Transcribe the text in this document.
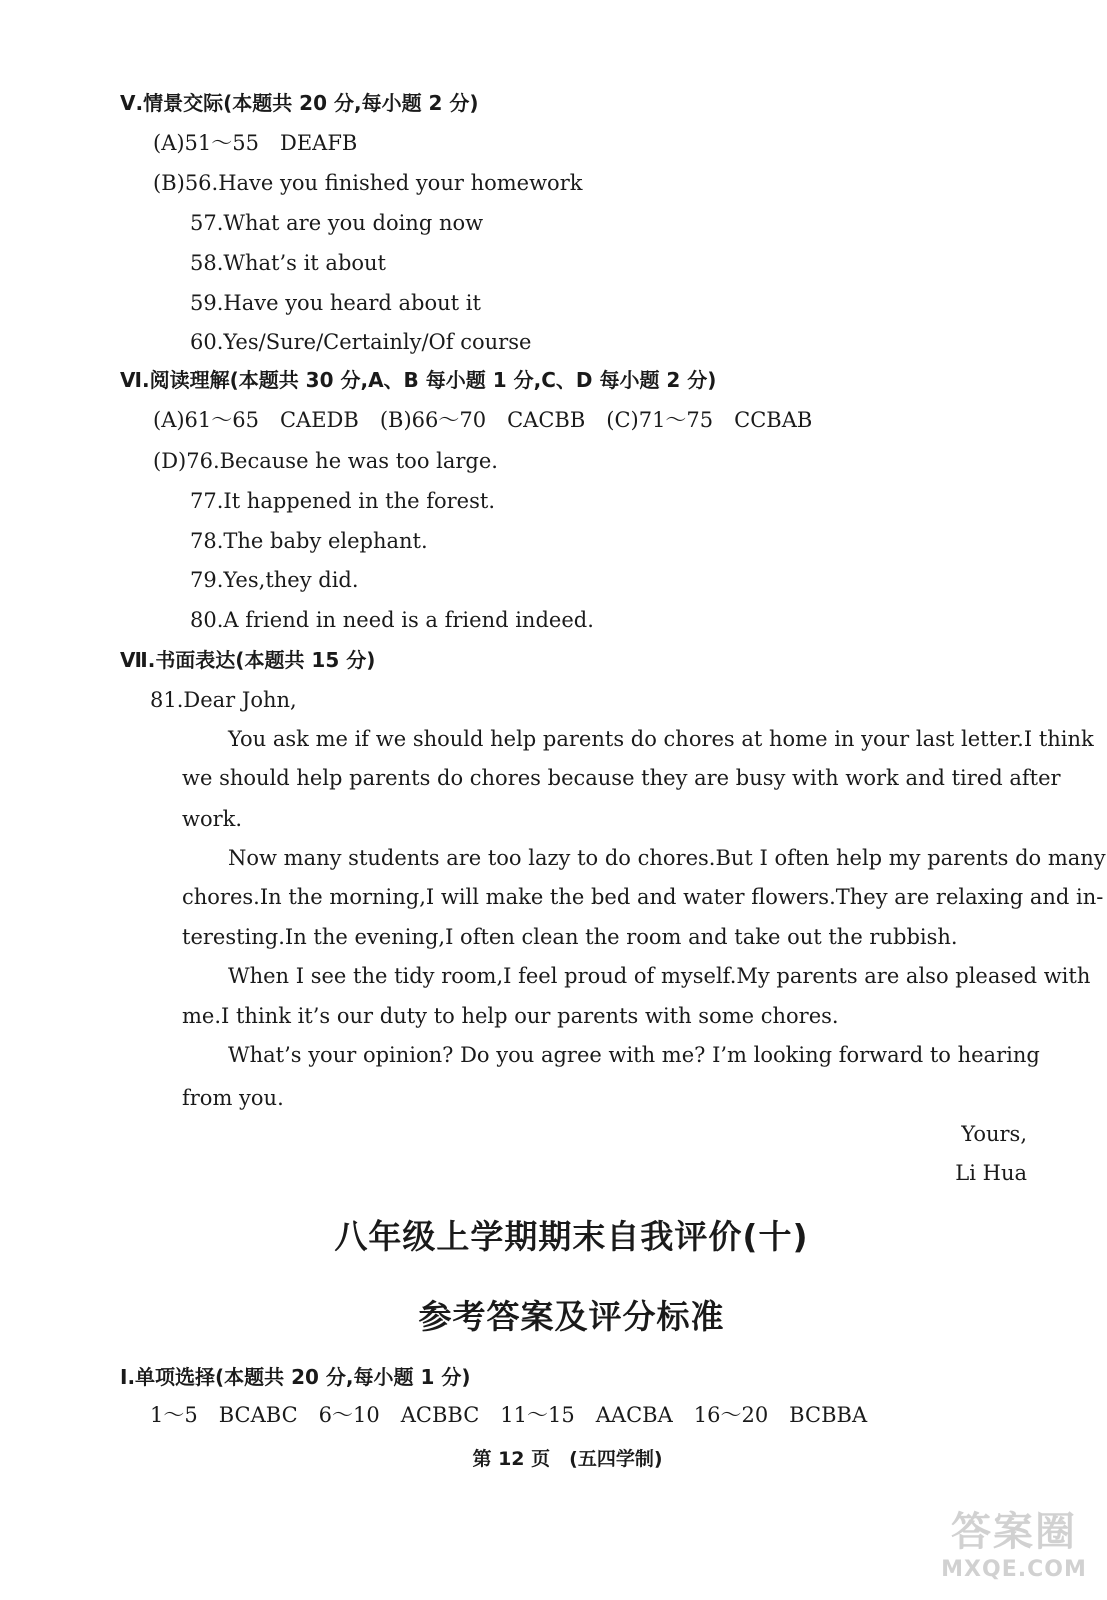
Ⅴ.情景交际(本题共 20 分,每小题 2 分)
(A)51～55　DEAFB
(B)56.Have you finished your homework
57.What are you doing now
58.What’s it about
59.Have you heard about it
60.Yes/Sure/Certainly/Of course
Ⅵ.阅读理解(本题共 30 分,A、B 每小题 1 分,C、D 每小题 2 分)
(A)61～65　CAEDB　(B)66～70　CACBB　(C)71～75　CCBAB
(D)76.Because he was too large.
77.It happened in the forest.
78.The baby elephant.
79.Yes,they did.
80.A friend in need is a friend indeed.
Ⅶ.书面表达(本题共 15 分)
81.Dear John,
You ask me if we should help parents do chores at home in your last letter.I think
we should help parents do chores because they are busy with work and tired after
work.
Now many students are too lazy to do chores.But I often help my parents do many
chores.In the morning,I will make the bed and water flowers.They are relaxing and in-
teresting.In the evening,I often clean the room and take out the rubbish.
When I see the tidy room,I feel proud of myself.My parents are also pleased with
me.I think it’s our duty to help our parents with some chores.
What’s your opinion? Do you agree with me? I’m looking forward to hearing
from you.
Yours,
Li Hua
八年级上学期期末自我评价(十)
参考答案及评分标准
Ⅰ.单项选择(本题共 20 分,每小题 1 分)
1～5　BCABC　6～10　ACBBC　11～15　AACBA　16～20　BCBBA
第 12 页　(五四学制)
答案圈
MXQE.COM
